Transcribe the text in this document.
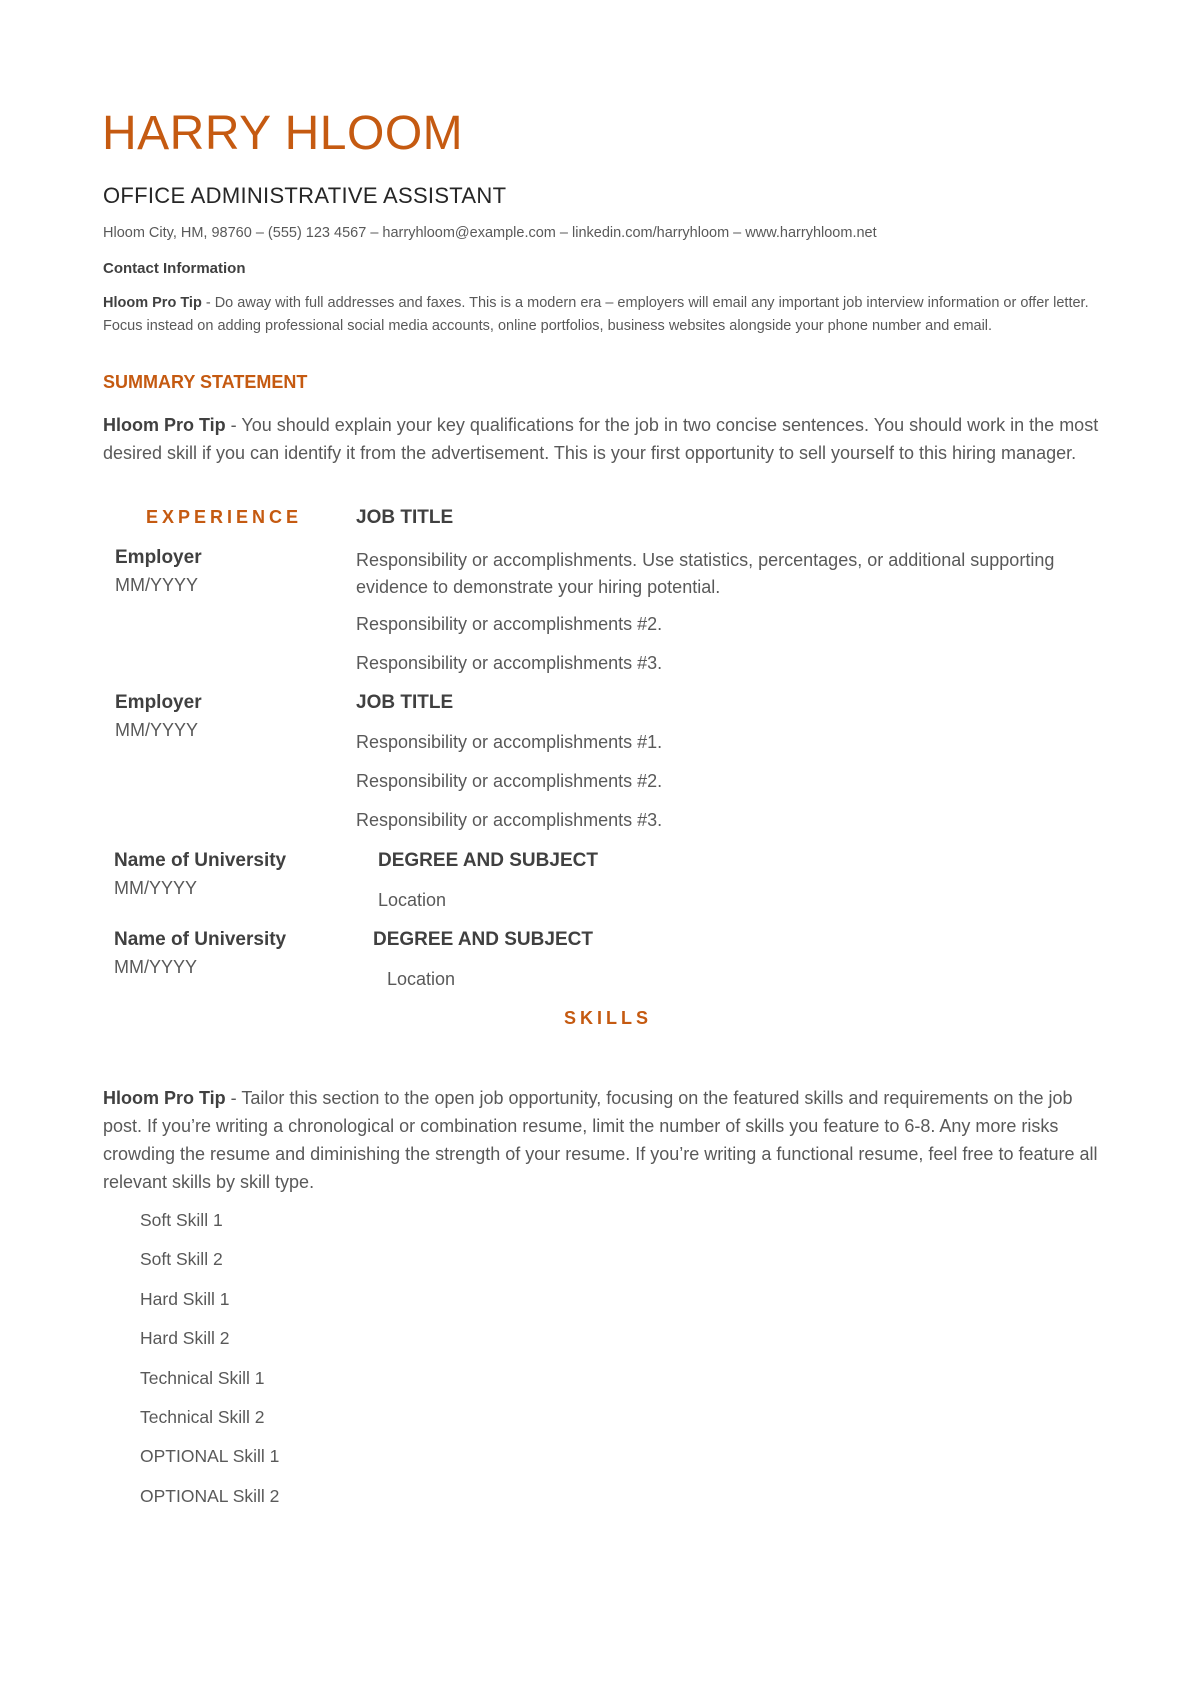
HARRY HLOOM
OFFICE ADMINISTRATIVE ASSISTANT
Hloom City, HM, 98760 – (555) 123 4567 – harryhloom@example.com – linkedin.com/harryhloom – www.harryhloom.net
Contact Information
Hloom Pro Tip - Do away with full addresses and faxes. This is a modern era – employers will email any important job interview information or offer letter. Focus instead on adding professional social media accounts, online portfolios, business websites alongside your phone number and email.
SUMMARY STATEMENT
Hloom Pro Tip - You should explain your key qualifications for the job in two concise sentences. You should work in the most desired skill if you can identify it from the advertisement. This is your first opportunity to sell yourself to this hiring manager.
EXPERIENCE	JOB TITLE
Employer
MM/YYYY
Responsibility or accomplishments. Use statistics, percentages, or additional supporting evidence to demonstrate your hiring potential.
Responsibility or accomplishments #2.
Responsibility or accomplishments #3.
Employer
MM/YYYY
JOB TITLE
Responsibility or accomplishments #1.
Responsibility or accomplishments #2.
Responsibility or accomplishments #3.
Name of University
MM/YYYY
DEGREE AND SUBJECT
Location
Name of University
MM/YYYY
DEGREE AND SUBJECT
Location
SKILLS
Hloom Pro Tip - Tailor this section to the open job opportunity, focusing on the featured skills and requirements on the job post. If you’re writing a chronological or combination resume, limit the number of skills you feature to 6-8. Any more risks crowding the resume and diminishing the strength of your resume. If you’re writing a functional resume, feel free to feature all relevant skills by skill type.
Soft Skill 1
Soft Skill 2
Hard Skill 1
Hard Skill 2
Technical Skill 1
Technical Skill 2
OPTIONAL Skill 1
OPTIONAL Skill 2
